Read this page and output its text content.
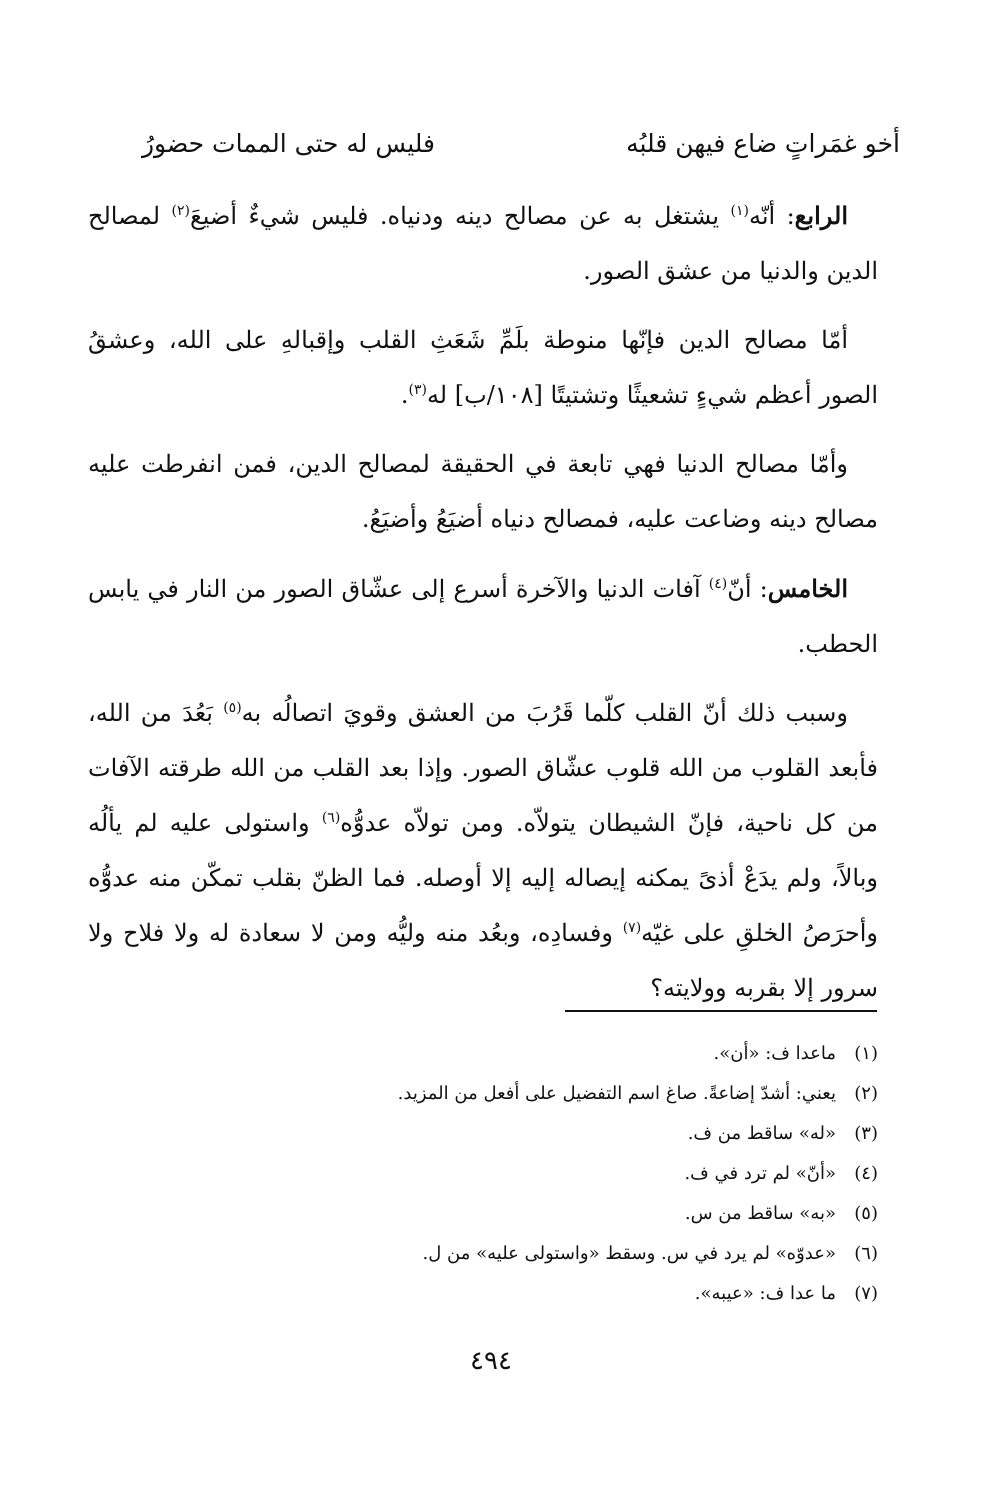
أخو غمَراتٍ ضاع فيهن قلبُه
فليس له حتى الممات حضورُ

الرابع: أنّه$^{(١)}$ يشتغل به عن مصالح دينه ودنياه. فليس شيءٌ أضيعَ$^{(٢)}$ لمصالح الدين والدنيا من عشق الصور.

أمّا مصالح الدين فإنّها منوطة بلَمِّ شَعَثِ القلب وإقبالهِ على الله، وعشقُ الصور أعظم شيءٍ تشعيثًا وتشتيتًا [١٠٨/ب] له$^{(٣)}$.

وأمّا مصالح الدنيا فهي تابعة في الحقيقة لمصالح الدين، فمن انفرطت عليه مصالح دينه وضاعت عليه، فمصالح دنياه أضيَعُ وأضيَعُ.

الخامس: أنّ$^{(٤)}$ آفات الدنيا والآخرة أسرع إلى عشّاق الصور من النار في يابس الحطب.

وسبب ذلك أنّ القلب كلّما قَرُبَ من العشق وقويَ اتصالُه به$^{(٥)}$ بَعُدَ من الله، فأبعد القلوب من الله قلوب عشّاق الصور. وإذا بعد القلب من الله طرقته الآفات من كل ناحية، فإنّ الشيطان يتولاّه. ومن تولاّه عدوُّه$^{(٦)}$ واستولى عليه لم يألُه وبالاً، ولم يدَعْ أذىً يمكنه إيصاله إليه إلا أوصله. فما الظنّ بقلب تمكّن منه عدوُّه وأحرَصُ الخلقِ على غيّه$^{(٧)}$ وفسادِه، وبعُد منه وليُّه ومن لا سعادة له ولا فلاح ولا سرور إلا بقربه وولايته؟

(١)ماعدا ف: «أن».
(٢)يعني: أشدّ إضاعةً. صاغ اسم التفضيل على أفعل من المزيد.
(٣)«له» ساقط من ف.
(٤)«أنّ» لم ترد في ف.
(٥)«به» ساقط من س.
(٦)«عدوّه» لم يرد في س. وسقط «واستولى عليه» من ل.
(٧)ما عدا ف: «عيبه».
٤٩٤
